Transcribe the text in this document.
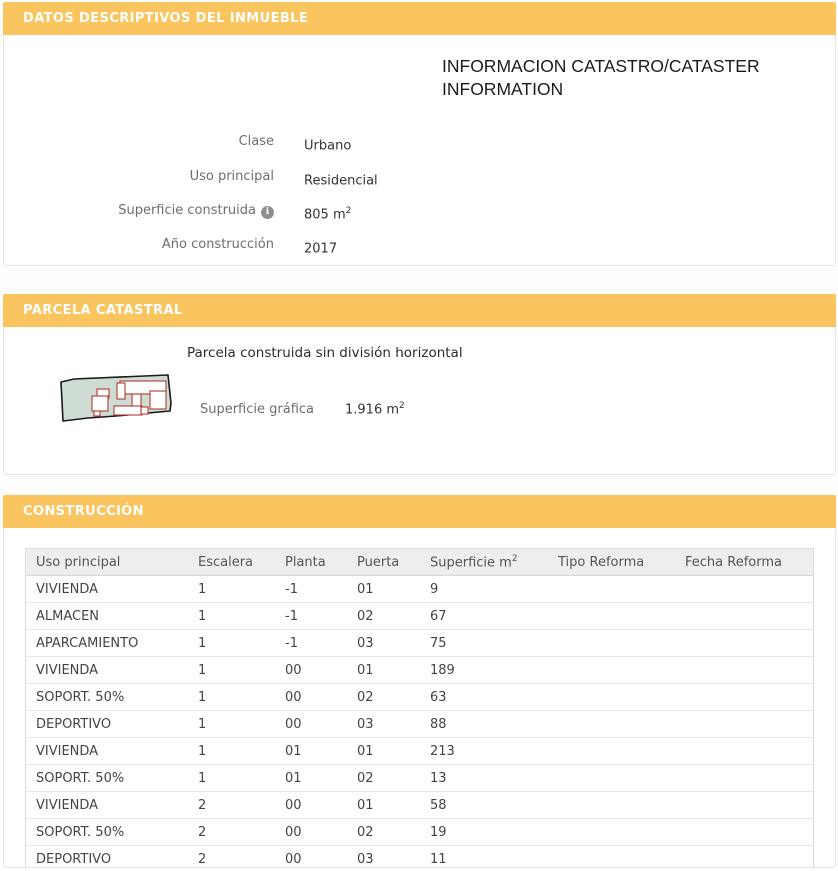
DATOS DESCRIPTIVOS DEL INMUEBLE
INFORMACION CATASTRO/CATASTER INFORMATION
Clase Urbano
Uso principal Residencial
Superficie construida i	805 $m^2$
Año construcción 2017
PARCELA CATASTRAL
Parcela construida sin división horizontal
Superficie gráfica 1.916 $m^2$
CONSTRUCCIÓN
Uso principal	Escalera	Planta	Puerta	Superficie $m^2$	Tipo Reforma	Fecha Reforma
VIVIENDA	1	-1	01	9		
ALMACEN	1	-1	02	67		
APARCAMIENTO	1	-1	03	75		
VIVIENDA	1	00	01	189		
SOPORT. 50%	1	00	02	63		
DEPORTIVO	1	00	03	88		
VIVIENDA	1	01	01	213		
SOPORT. 50%	1	01	02	13		
VIVIENDA	2	00	01	58		
SOPORT. 50%	2	00	02	19		
DEPORTIVO	2	00	03	11		
